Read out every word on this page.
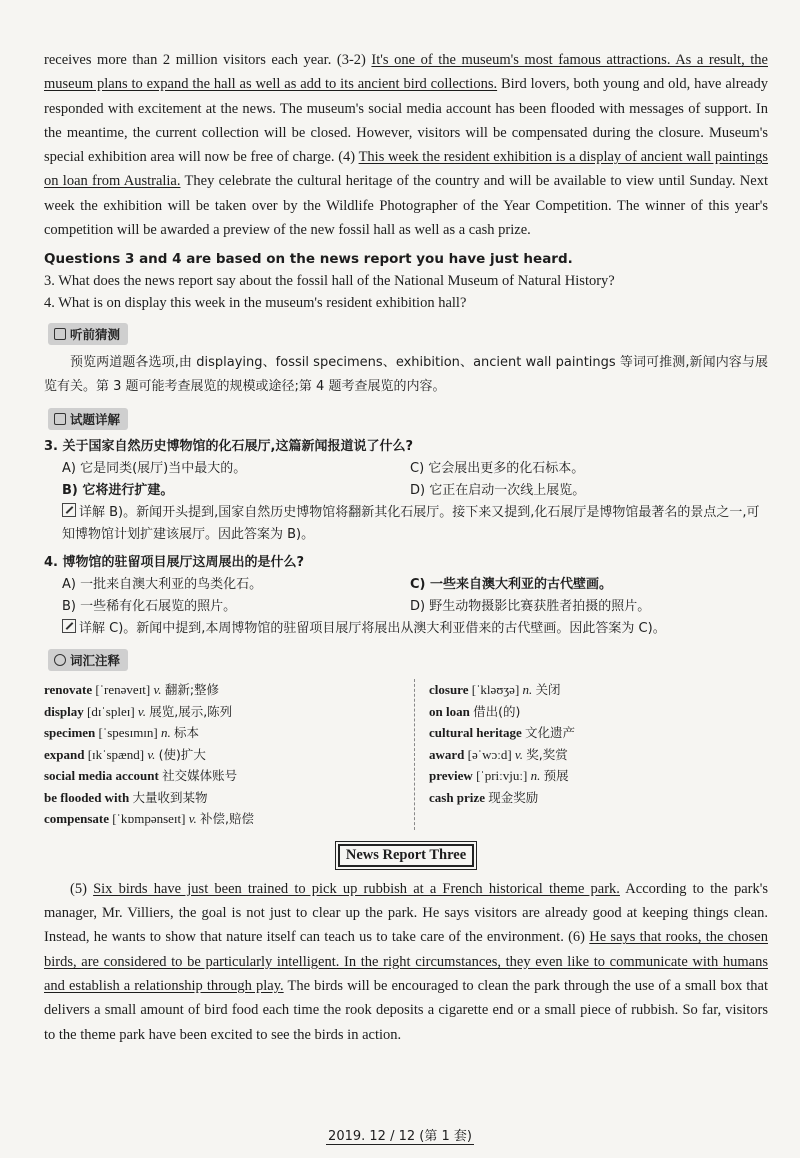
receives more than 2 million visitors each year. (3-2) It's one of the museum's most famous attractions. As a result, the museum plans to expand the hall as well as add to its ancient bird collections. Bird lovers, both young and old, have already responded with excitement at the news. The museum's social media account has been flooded with messages of support. In the meantime, the current collection will be closed. However, visitors will be compensated during the closure. Museum's special exhibition area will now be free of charge. (4) This week the resident exhibition is a display of ancient wall paintings on loan from Australia. They celebrate the cultural heritage of the country and will be available to view until Sunday. Next week the exhibition will be taken over by the Wildlife Photographer of the Year Competition. The winner of this year's competition will be awarded a preview of the new fossil hall as well as a cash prize.

Questions 3 and 4 are based on the news report you have just heard.
3. What does the news report say about the fossil hall of the National Museum of Natural History?
4. What is on display this week in the museum's resident exhibition hall?
听前猜测

预览两道题各选项,由 displaying、fossil specimens、exhibition、ancient wall paintings 等词可推测,新闻内容与展览有关。第 3 题可能考查展览的规模或途径;第 4 题考查展览的内容。

试题详解
3. 关于国家自然历史博物馆的化石展厅,这篇新闻报道说了什么?
A) 它是同类(展厅)当中最大的。	C) 它会展出更多的化石标本。
B) 它将进行扩建。	D) 它正在启动一次线上展览。
详解 B)。新闻开头提到,国家自然历史博物馆将翻新其化石展厅。接下来又提到,化石展厅是博物馆最著名的景点之一,可知博物馆计划扩建该展厅。因此答案为 B)。
4. 博物馆的驻留项目展厅这周展出的是什么?
A) 一批来自澳大利亚的鸟类化石。	C) 一些来自澳大利亚的古代壁画。
B) 一些稀有化石展览的照片。	D) 野生动物摄影比赛获胜者拍摄的照片。
详解 C)。新闻中提到,本周博物馆的驻留项目展厅将展出从澳大利亚借来的古代壁画。因此答案为 C)。
词汇注释
renovate [ˈrenəveɪt] v. 翻新;整修
display [dɪˈspleɪ] v. 展览,展示,陈列
specimen [ˈspesɪmɪn] n. 标本
expand [ɪkˈspænd] v. (使)扩大
social media account 社交媒体账号
be flooded with 大量收到某物
compensate [ˈkɒmpənseɪt] v. 补偿,赔偿
closure [ˈkləʊʒə] n. 关闭
on loan 借出(的)
cultural heritage 文化遗产
award [əˈwɔːd] v. 奖,奖赏
preview [ˈpriːvjuː] n. 预展
cash prize 现金奖励
News Report Three

(5) Six birds have just been trained to pick up rubbish at a French historical theme park. According to the park's manager, Mr. Villiers, the goal is not just to clear up the park. He says visitors are already good at keeping things clean. Instead, he wants to show that nature itself can teach us to take care of the environment. (6) He says that rooks, the chosen birds, are considered to be particularly intelligent. In the right circumstances, they even like to communicate with humans and establish a relationship through play. The birds will be encouraged to clean the park through the use of a small box that delivers a small amount of bird food each time the rook deposits a cigarette end or a small piece of rubbish. So far, visitors to the theme park have been excited to see the birds in action.

2019. 12 / 12 (第 1 套)
